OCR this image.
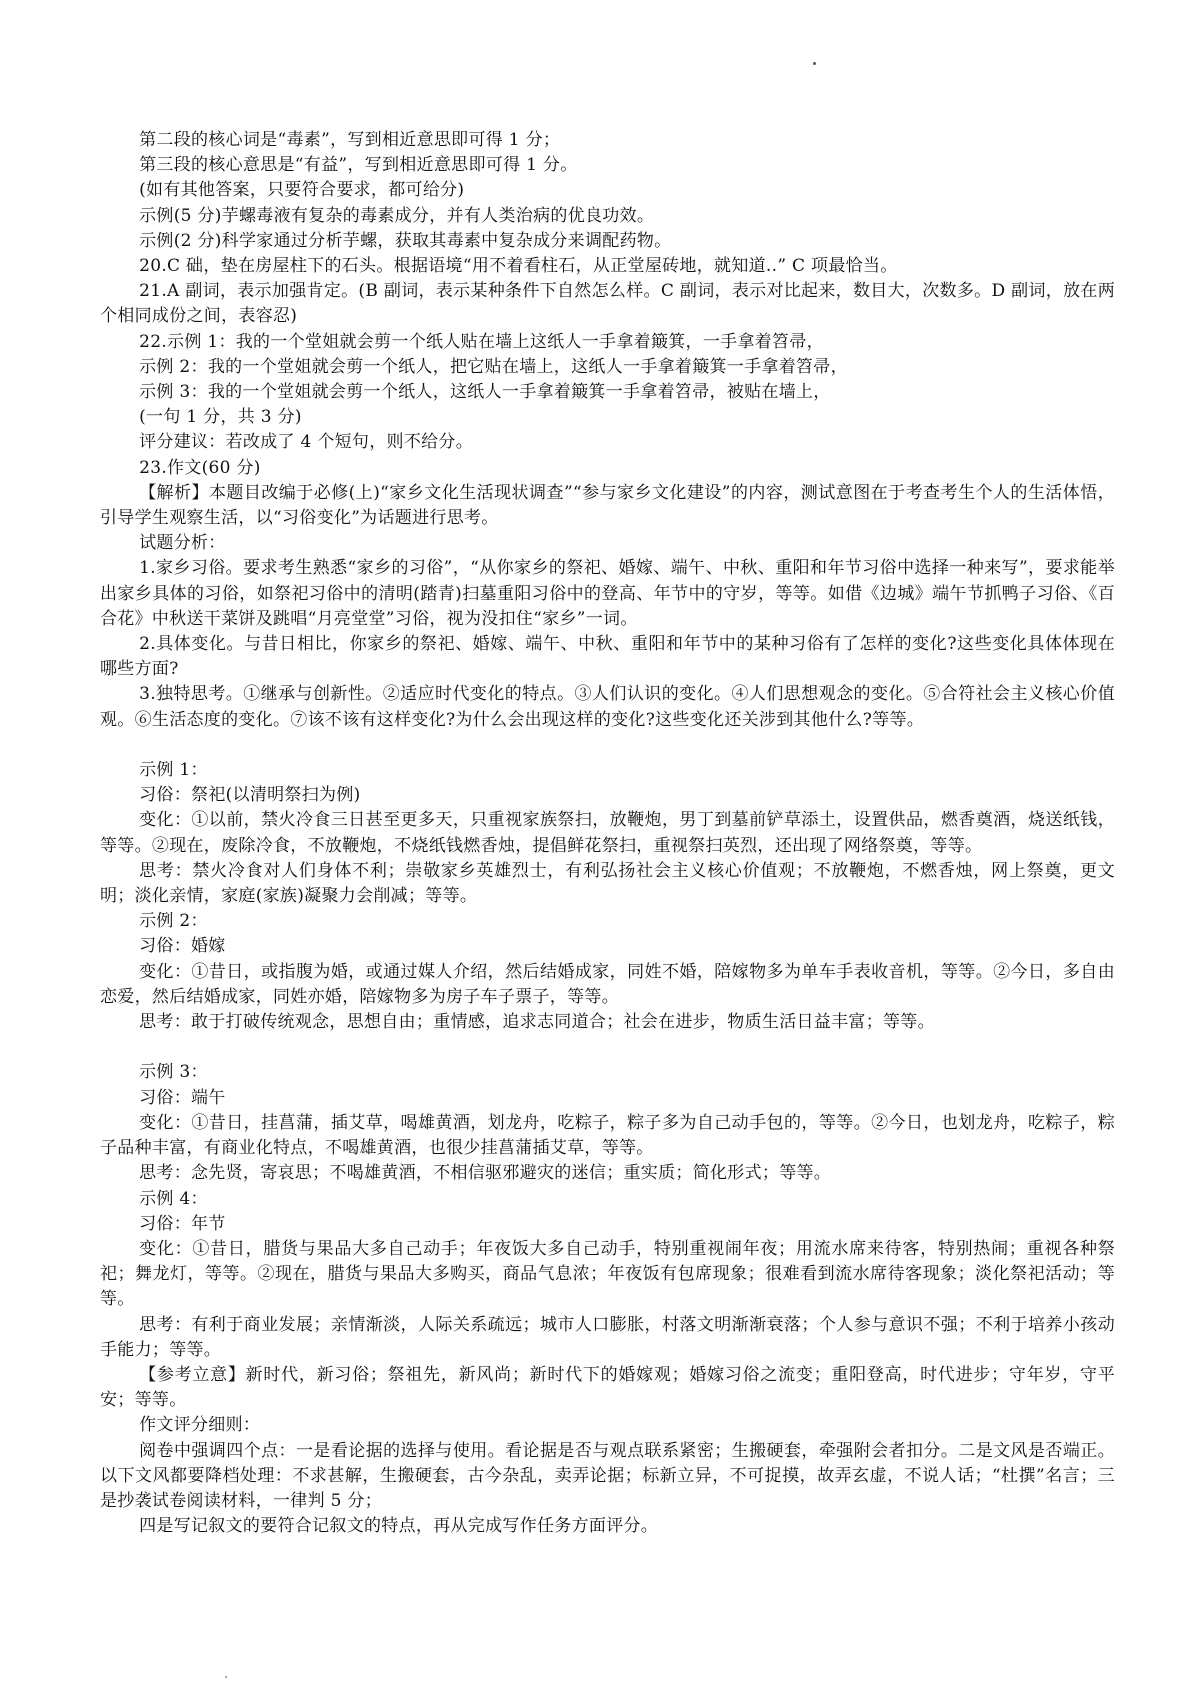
第二段的核心词是“毒素”，写到相近意思即可得 1 分；

第三段的核心意思是“有益”，写到相近意思即可得 1 分。

(如有其他答案，只要符合要求，都可给分)

示例(5 分)芋螺毒液有复杂的毒素成分，并有人类治病的优良功效。

示例(2 分)科学家通过分析芋螺，获取其毒素中复杂成分来调配药物。

20.C 础，垫在房屋柱下的石头。根据语境“用不着看柱石，从正堂屋砖地，就知道..” C 项最恰当。

21.A 副词，表示加强肯定。(B 副词，表示某种条件下自然怎么样。C 副词，表示对比起来，数目大，次数多。D 副词，放在两个相同成份之间，表容忍)

22.示例 1：我的一个堂姐就会剪一个纸人贴在墙上这纸人一手拿着簸箕，一手拿着笤帚，

示例 2：我的一个堂姐就会剪一个纸人，把它贴在墙上，这纸人一手拿着簸箕一手拿着笤帚，

示例 3：我的一个堂姐就会剪一个纸人，这纸人一手拿着簸箕一手拿着笤帚，被贴在墙上，

(一句 1 分，共 3 分)

评分建议：若改成了 4 个短句，则不给分。

23.作文(60 分)

【解析】本题目改编于必修(上)“家乡文化生活现状调查”“参与家乡文化建设”的内容，测试意图在于考查考生个人的生活体悟，引导学生观察生活，以“习俗变化”为话题进行思考。

试题分析：

1.家乡习俗。要求考生熟悉“家乡的习俗”，“从你家乡的祭祀、婚嫁、端午、中秋、重阳和年节习俗中选择一种来写”，要求能举出家乡具体的习俗，如祭祀习俗中的清明(踏青)扫墓重阳习俗中的登高、年节中的守岁，等等。如借《边城》端午节抓鸭子习俗、《百合花》中秋送干菜饼及跳唱“月亮堂堂”习俗，视为没扣住“家乡”一词。

2.具体变化。与昔日相比，你家乡的祭祀、婚嫁、端午、中秋、重阳和年节中的某种习俗有了怎样的变化?这些变化具体体现在哪些方面?

3.独特思考。①继承与创新性。②适应时代变化的特点。③人们认识的变化。④人们思想观念的变化。⑤合符社会主义核心价值观。⑥生活态度的变化。⑦该不该有这样变化?为什么会出现这样的变化?这些变化还关涉到其他什么?等等。

示例 1：

习俗：祭祀(以清明祭扫为例)

变化：①以前，禁火冷食三日甚至更多天，只重视家族祭扫，放鞭炮，男丁到墓前铲草添土，设置供品，燃香奠酒，烧送纸钱，等等。②现在，废除冷食，不放鞭炮，不烧纸钱燃香烛，提倡鲜花祭扫，重视祭扫英烈，还出现了网络祭奠，等等。

思考：禁火冷食对人们身体不利；崇敬家乡英雄烈士，有利弘扬社会主义核心价值观；不放鞭炮，不燃香烛，网上祭奠，更文明；淡化亲情，家庭(家族)凝聚力会削减；等等。

示例 2：

习俗：婚嫁

变化：①昔日，或指腹为婚，或通过媒人介绍，然后结婚成家，同姓不婚，陪嫁物多为单车手表收音机，等等。②今日，多自由恋爱，然后结婚成家，同姓亦婚，陪嫁物多为房子车子票子，等等。

思考：敢于打破传统观念，思想自由；重情感，追求志同道合；社会在进步，物质生活日益丰富；等等。

示例 3：

习俗：端午

变化：①昔日，挂菖蒲，插艾草，喝雄黄酒，划龙舟，吃粽子，粽子多为自己动手包的，等等。②今日，也划龙舟，吃粽子，粽子品种丰富，有商业化特点，不喝雄黄酒，也很少挂菖蒲插艾草，等等。

思考：念先贤，寄哀思；不喝雄黄酒，不相信驱邪避灾的迷信；重实质；简化形式；等等。

示例 4：

习俗：年节

变化：①昔日，腊货与果品大多自己动手；年夜饭大多自己动手，特别重视闹年夜；用流水席来待客，特别热闹；重视各种祭祀；舞龙灯，等等。②现在，腊货与果品大多购买，商品气息浓；年夜饭有包席现象；很难看到流水席待客现象；淡化祭祀活动；等等。

思考：有利于商业发展；亲情渐淡，人际关系疏远；城市人口膨胀，村落文明渐渐衰落；个人参与意识不强；不利于培养小孩动手能力；等等。

【参考立意】新时代，新习俗；祭祖先，新风尚；新时代下的婚嫁观；婚嫁习俗之流变；重阳登高，时代进步；守年岁，守平安；等等。

作文评分细则：

阅卷中强调四个点：一是看论据的选择与使用。看论据是否与观点联系紧密；生搬硬套，牵强附会者扣分。二是文风是否端正。以下文风都要降档处理：不求甚解，生搬硬套，古今杂乱，卖弄论据；标新立异，不可捉摸，故弄玄虚，不说人话；“杜撰”名言；三是抄袭试卷阅读材料，一律判 5 分；

四是写记叙文的要符合记叙文的特点，再从完成写作任务方面评分。
